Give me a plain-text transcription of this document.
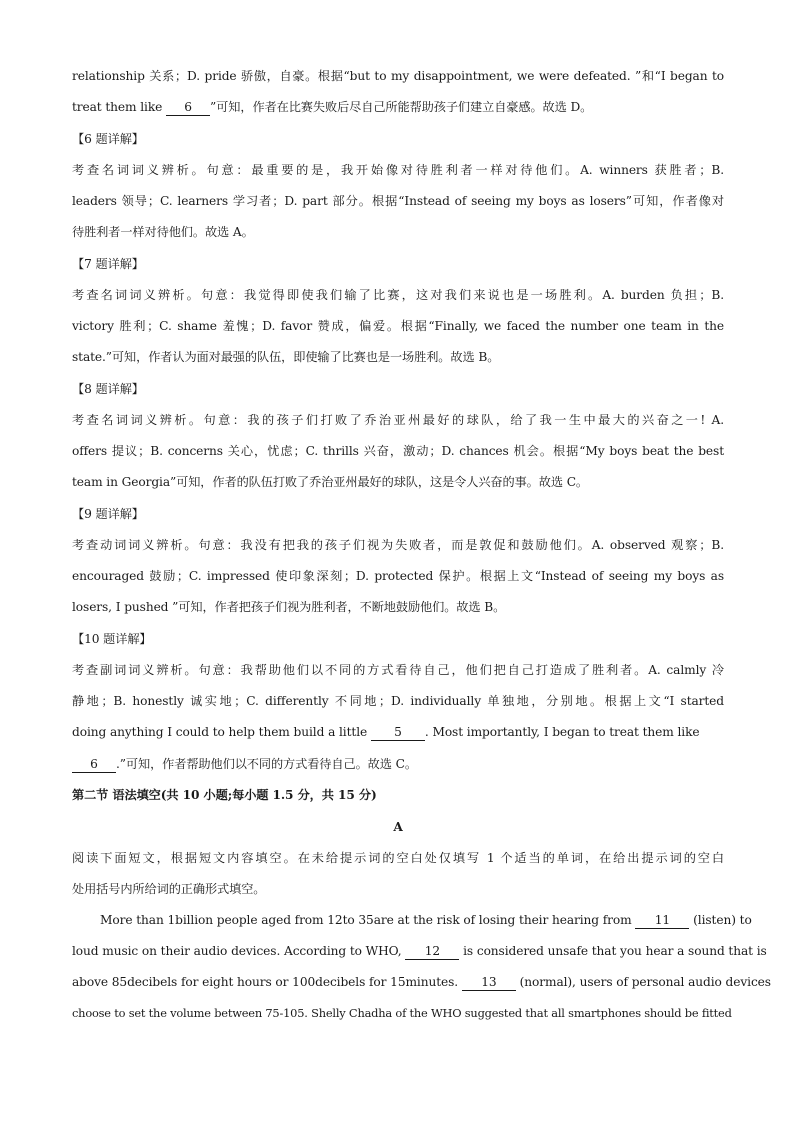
relationship 关系；D. pride 骄傲，自豪。根据“but to my disappointment, we were defeated. ”和“I began to
treat them like 6 ”可知，作者在比赛失败后尽自己所能帮助孩子们建立自豪感。故选 D。
【6 题详解】
考查名词词义辨析。句意：最重要的是，我开始像对待胜利者一样对待他们。A. winners 获胜者；B.
leaders 领导；C. learners 学习者；D. part 部分。根据“Instead of seeing my boys as losers”可知，作者像对
待胜利者一样对待他们。故选 A。
【7 题详解】
考查名词词义辨析。句意：我觉得即使我们输了比赛，这对我们来说也是一场胜利。A. burden 负担；B.
victory 胜利；C. shame 羞愧；D. favor 赞成，偏爱。根据“Finally, we faced the number one team in the
state.”可知，作者认为面对最强的队伍，即使输了比赛也是一场胜利。故选 B。
【8 题详解】
考查名词词义辨析。句意：我的孩子们打败了乔治亚州最好的球队，给了我一生中最大的兴奋之一! A.
offers 提议；B. concerns 关心，忧虑；C. thrills 兴奋，激动；D. chances 机会。根据“My boys beat the best
team in Georgia”可知，作者的队伍打败了乔治亚州最好的球队，这是令人兴奋的事。故选 C。
【9 题详解】
考查动词词义辨析。句意：我没有把我的孩子们视为失败者，而是敦促和鼓励他们。A. observed 观察；B.
encouraged 鼓励；C. impressed 使印象深刻；D. protected 保护。根据上文“Instead of seeing my boys as
losers, I pushed ”可知，作者把孩子们视为胜利者，不断地鼓励他们。故选 B。
【10 题详解】
考查副词词义辨析。句意：我帮助他们以不同的方式看待自己，他们把自己打造成了胜利者。A. calmly 冷
静地；B. honestly 诚实地；C. differently 不同地；D. individually 单独地，分别地。根据上文“I started
doing anything I could to help them build a little 5 . Most importantly, I began to treat them like
6 .”可知，作者帮助他们以不同的方式看待自己。故选 C。
第二节 语法填空(共 10 小题;每小题 1.5 分，共 15 分)
A
阅读下面短文，根据短文内容填空。在未给提示词的空白处仅填写 1 个适当的单词，在给出提示词的空白
处用括号内所给词的正确形式填空。
More than 1billion people aged from 12to 35are at the risk of losing their hearing from 11 (listen) to
loud music on their audio devices. According to WHO, 12 is considered unsafe that you hear a sound that is
above 85decibels for eight hours or 100decibels for 15minutes. 13 (normal), users of personal audio devices
choose to set the volume between 75-105. Shelly Chadha of the WHO suggested that all smartphones should be fitted
